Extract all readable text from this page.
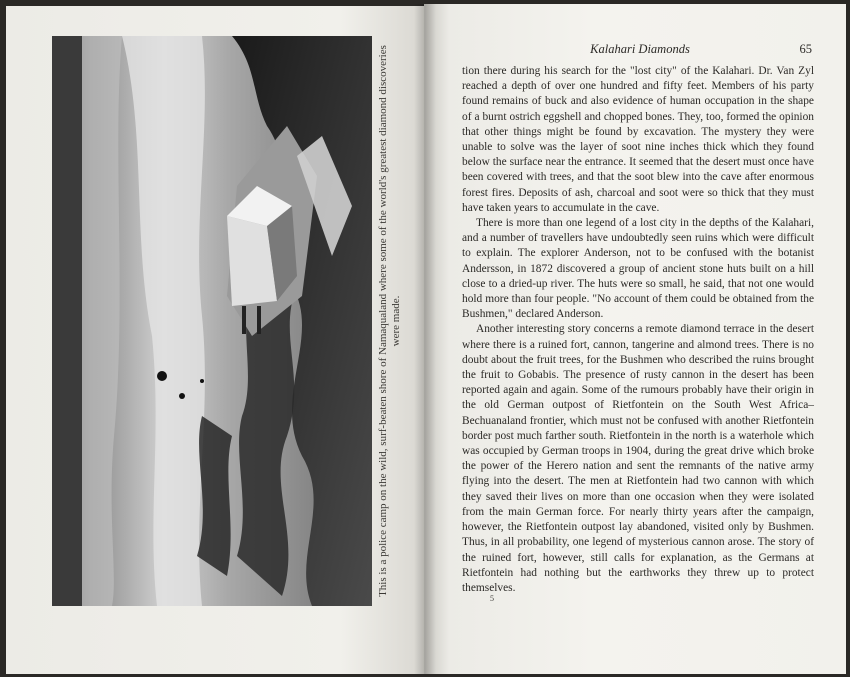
This is a police camp on the wild, surf-beaten shore of Namaqualand where some of the world's greatest diamond discoveries were made.
Kalahari Diamonds	65

tion there during his search for the "lost city" of the Kalahari. Dr. Van Zyl reached a depth of over one hundred and fifty feet. Members of his party found remains of buck and also evidence of human occupation in the shape of a burnt ostrich eggshell and chopped bones. They, too, formed the opinion that other things might be found by excavation. The mystery they were unable to solve was the layer of soot nine inches thick which they found below the surface near the entrance. It seemed that the desert must once have been covered with trees, and that the soot blew into the cave after enormous forest fires. Deposits of ash, charcoal and soot were so thick that they must have taken years to accumulate in the cave.

There is more than one legend of a lost city in the depths of the Kalahari, and a number of travellers have undoubtedly seen ruins which were difficult to explain. The explorer Anderson, not to be confused with the botanist Andersson, in 1872 discovered a group of ancient stone huts built on a hill close to a dried-up river. The huts were so small, he said, that not one would hold more than four people. "No account of them could be obtained from the Bushmen," declared Anderson.

Another interesting story concerns a remote diamond terrace in the desert where there is a ruined fort, cannon, tangerine and almond trees. There is no doubt about the fruit trees, for the Bushmen who described the ruins brought the fruit to Gobabis. The presence of rusty cannon in the desert has been reported again and again. Some of the rumours probably have their origin in the old German outpost of Rietfontein on the South West Africa–Bechuanaland frontier, which must not be confused with another Rietfontein border post much farther south. Rietfontein in the north is a waterhole which was occupied by German troops in 1904, during the great drive which broke the power of the Herero nation and sent the remnants of the native army flying into the desert. The men at Rietfontein had two cannon with which they saved their lives on more than one occasion when they were isolated from the main German force. For nearly thirty years after the campaign, however, the Rietfontein outpost lay abandoned, visited only by Bushmen. Thus, in all probability, one legend of mysterious cannon arose. The story of the ruined fort, however, still calls for explanation, as the Germans at Rietfontein had nothing but the earthworks they threw up to protect themselves.

5
